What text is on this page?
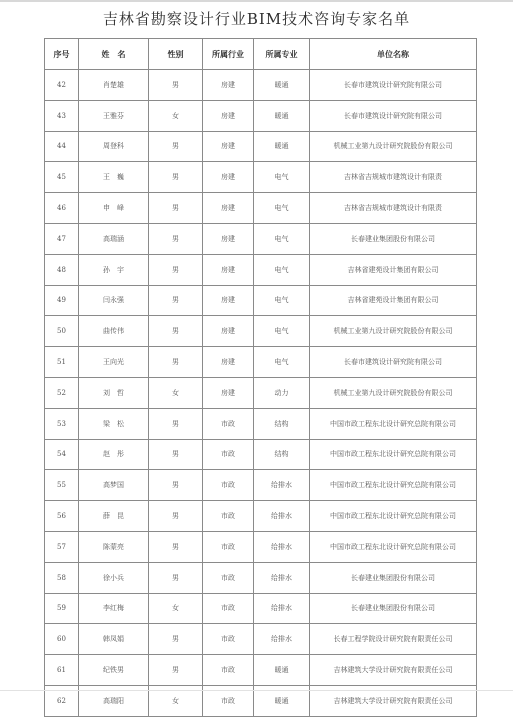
吉林省勘察设计行业BIM技术咨询专家名单
序号	姓　名	性别	所属行业	所属专业	单位名称
42	肖楚雄	男	房建	暖通	长春市建筑设计研究院有限公司
43	王雅芬	女	房建	暖通	长春市建筑设计研究院有限公司
44	周登科	男	房建	暖通	机械工业第九设计研究院股份有限公司
45	王　巍	男	房建	电气	吉林省吉规城市建筑设计有限责
46	申　峰	男	房建	电气	吉林省吉规城市建筑设计有限责
47	高瑞涵	男	房建	电气	长春建业集团股份有限公司
48	孙　宇	男	房建	电气	吉林省建苑设计集团有限公司
49	闫永强	男	房建	电气	吉林省建苑设计集团有限公司
50	曲传伟	男	房建	电气	机械工业第九设计研究院股份有限公司
51	王向光	男	房建	电气	长春市建筑设计研究院有限公司
52	刘　哲	女	房建	动力	机械工业第九设计研究院股份有限公司
53	梁　松	男	市政	结构	中国市政工程东北设计研究总院有限公司
54	赵　彤	男	市政	结构	中国市政工程东北设计研究总院有限公司
55	高梦国	男	市政	给排水	中国市政工程东北设计研究总院有限公司
56	薛　昆	男	市政	给排水	中国市政工程东北设计研究总院有限公司
57	陈蒙亮	男	市政	给排水	中国市政工程东北设计研究总院有限公司
58	徐小兵	男	市政	给排水	长春建业集团股份有限公司
59	李红梅	女	市政	给排水	长春建业集团股份有限公司
60	韩凤娟	男	市政	给排水	长春工程学院设计研究院有限责任公司
61	纪铁男	男	市政	暖通	吉林建筑大学设计研究院有限责任公司
62	高瑞阳	女	市政	暖通	吉林建筑大学设计研究院有限责任公司
